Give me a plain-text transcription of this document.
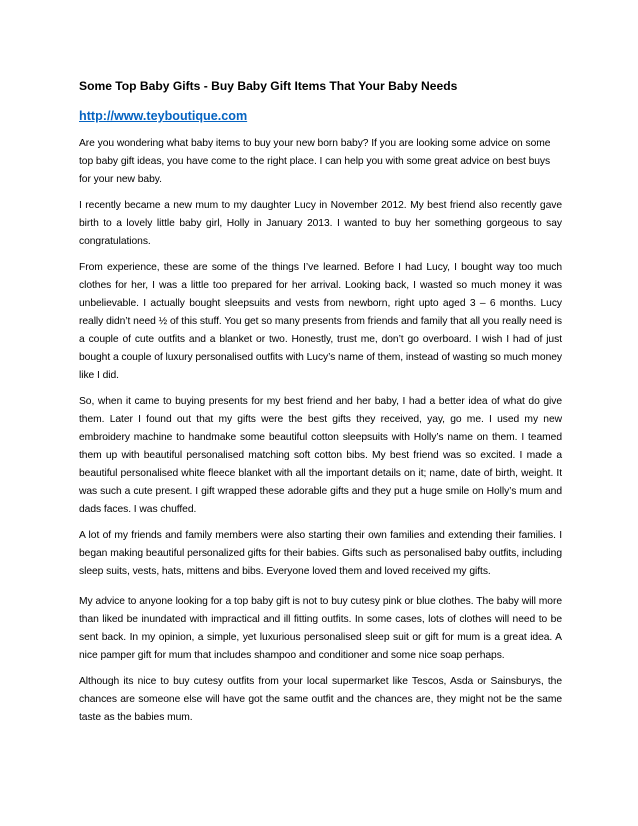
Some Top Baby Gifts - Buy Baby Gift Items That Your Baby Needs
http://www.teyboutique.com

Are you wondering what baby items to buy your new born baby? If you are looking some advice on some top baby gift ideas, you have come to the right place. I can help you with some great advice on best buys for your new baby.

I recently became a new mum to my daughter Lucy in November 2012. My best friend also recently gave birth to a lovely little baby girl, Holly in January 2013. I wanted to buy her something gorgeous to say congratulations.

From experience, these are some of the things I’ve learned. Before I had Lucy, I bought way too much clothes for her, I was a little too prepared for her arrival. Looking back, I wasted so much money it was unbelievable. I actually bought sleepsuits and vests from newborn, right upto aged 3 – 6 months. Lucy really didn’t need ½ of this stuff. You get so many presents from friends and family that all you really need is a couple of cute outfits and a blanket or two. Honestly, trust me, don’t go overboard. I wish I had of just bought a couple of luxury personalised outfits with Lucy’s name of them, instead of wasting so much money like I did.

So, when it came to buying presents for my best friend and her baby, I had a better idea of what do give them. Later I found out that my gifts were the best gifts they received, yay, go me. I used my new embroidery machine to handmake some beautiful cotton sleepsuits with Holly’s name on them. I teamed them up with beautiful personalised matching soft cotton bibs. My best friend was so excited. I made a beautiful personalised white fleece blanket with all the important details on it; name, date of birth, weight. It was such a cute present. I gift wrapped these adorable gifts and they put a huge smile on Holly’s mum and dads faces. I was chuffed.

A lot of my friends and family members were also starting their own families and extending their families. I began making beautiful personalized gifts for their babies. Gifts such as personalised baby outfits, including sleep suits, vests, hats, mittens and bibs. Everyone loved them and loved received my gifts.

My advice to anyone looking for a top baby gift is not to buy cutesy pink or blue clothes. The baby will more than liked be inundated with impractical and ill fitting outfits. In some cases, lots of clothes will need to be sent back. In my opinion, a simple, yet luxurious personalised sleep suit or gift for mum is a great idea. A nice pamper gift for mum that includes shampoo and conditioner and some nice soap perhaps.

Although its nice to buy cutesy outfits from your local supermarket like Tescos, Asda or Sainsburys, the chances are someone else will have got the same outfit and the chances are, they might not be the same taste as the babies mum.
